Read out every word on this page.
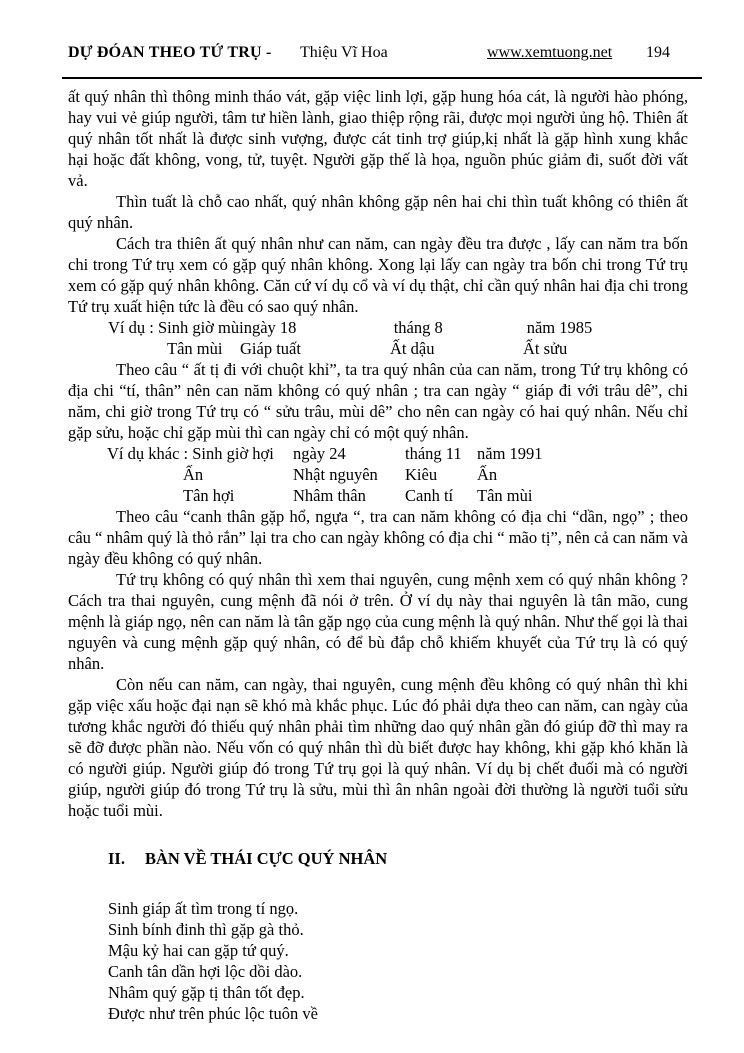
DỰ ĐÓAN THEO TỨ TRỤ - Thiệu Vĩ Hoa	www.xemtuong.net 194

ất quý nhân thì thông minh tháo vát, gặp việc linh lợi, gặp hung hóa cát, là người hào phóng, hay vui vẻ giúp người, tâm tư hiền lành, giao thiệp rộng rãi, được mọi người ủng hộ. Thiên ất quý nhân tốt nhất là được sinh vượng, được cát tinh trợ giúp,kị nhất là gặp hình xung khắc hại hoặc đất không, vong, tử, tuyệt. Người gặp thế là họa, nguồn phúc giảm đi, suốt đời vất vả.

Thìn tuất là chỗ cao nhất, quý nhân không gặp nên hai chi thìn tuất không có thiên ất quý nhân.

Cách tra thiên ất quý nhân như can năm, can ngày đều tra được , lấy can năm tra bốn chi trong Tứ trụ xem có gặp quý nhân không. Xong lại lấy can ngày tra bốn chi trong Tứ trụ xem có gặp quý nhân không. Căn cứ ví dụ cổ và ví dụ thật, chỉ cần quý nhân hai địa chi trong Tứ trụ xuất hiện tức là đều có sao quý nhân.

Ví dụ : Sinh giờ mùi ngày 18	tháng 8	năm 1985
Tân mùi	Giáp tuất	Ất dậu	Ất sửu

Theo câu “ ất tị đi với chuột khỉ”, ta tra quý nhân của can năm, trong Tứ trụ không có địa chi “tí, thân” nên can năm không có quý nhân ; tra can ngày “ giáp đi với trâu dê”, chi năm, chi giờ trong Tứ trụ có “ sửu trâu, mùi dê” cho nên can ngày có hai quý nhân. Nếu chỉ gặp sửu, hoặc chỉ gặp mùi thì can ngày chỉ có một quý nhân.

Ví dụ khác : Sinh giờ hợi	ngày 24	tháng 11 năm 1991
Ấn	Nhật nguyên	Kiêu	Ấn
Tân hợi	Nhâm thân	Canh tí	Tân mùi

Theo câu “canh thân gặp hổ, ngựa “, tra can năm không có địa chi “dần, ngọ” ; theo câu “ nhâm quý là thỏ rắn” lại tra cho can ngày không có địa chi “ mão tị”, nên cả can năm và ngày đều không có quý nhân.

Tứ trụ không có quý nhân thì xem thai nguyên, cung mệnh xem có quý nhân không ? Cách tra thai nguyên, cung mệnh đã nói ở trên. Ở ví dụ này thai nguyên là tân mão, cung mệnh là giáp ngọ, nên can năm là tân gặp ngọ của cung mệnh là quý nhân. Như thế gọi là thai nguyên và cung mệnh gặp quý nhân, có để bù đắp chỗ khiếm khuyết của Tứ trụ là có quý nhân.

Còn nếu can năm, can ngày, thai nguyên, cung mệnh đều không có quý nhân thì khi gặp việc xấu hoặc đại nạn sẽ khó mà khắc phục. Lúc đó phải dựa theo can năm, can ngày của tương khắc người đó thiếu quý nhân phải tìm những dao quý nhân gần đó giúp đỡ thì may ra sẽ đỡ được phần nào. Nếu vốn có quý nhân thì dù biết được hay không, khi gặp khó khăn là có người giúp. Người giúp đó trong Tứ trụ gọi là quý nhân. Ví dụ bị chết đuối mà có người giúp, người giúp đó trong Tứ trụ là sửu, mùi thì ân nhân ngoài đời thường là người tuổi sửu hoặc tuổi mùi.

II.	BÀN VỀ THÁI CỰC QUÝ NHÂN
Sinh giáp ất tìm trong tí ngọ.
Sinh bính đinh thì gặp gà thỏ.
Mậu kỷ hai can gặp tứ quý.
Canh tân dần hợi lộc dồi dào.
Nhâm quý gặp tị thân tốt đẹp.
Được như trên phúc lộc tuôn về
